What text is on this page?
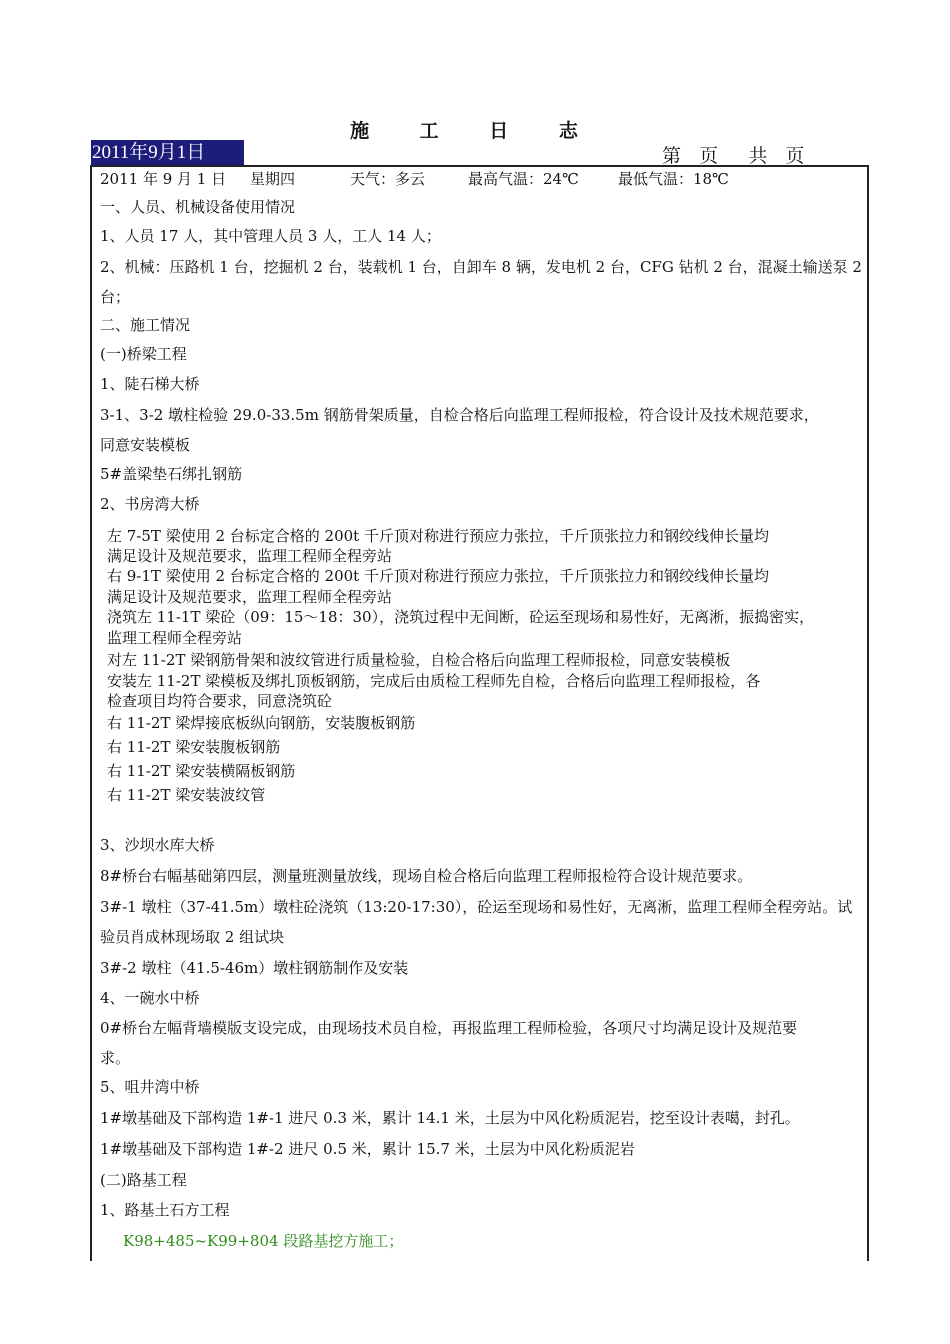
施 工 日 志
2011年9月1日	第   页     共   页
2011 年 9 月 1 日 星期四	天气：多云	最高气温：24℃	最低气温：18℃
一、人员、机械设备使用情况
1、人员 17 人，其中管理人员 3 人，工人 14 人；
2、机械：压路机 1 台，挖掘机 2 台，装载机 1 台，自卸车 8 辆，发电机 2 台，CFG 钻机 2 台，混凝土输送泵 2
台；
二、施工情况
(一)桥梁工程
1、陡石梯大桥
3-1、3-2 墩柱检验 29.0-33.5m 钢筋骨架质量，自检合格后向监理工程师报检，符合设计及技术规范要求，
同意安装模板
5#盖梁垫石绑扎钢筋
2、书房湾大桥
左 7-5T 梁使用 2 台标定合格的 200t 千斤顶对称进行预应力张拉，千斤顶张拉力和钢绞线伸长量均
满足设计及规范要求，监理工程师全程旁站
右 9-1T 梁使用 2 台标定合格的 200t 千斤顶对称进行预应力张拉，千斤顶张拉力和钢绞线伸长量均
满足设计及规范要求，监理工程师全程旁站
浇筑左 11-1T 梁砼（09：15～18：30），浇筑过程中无间断，砼运至现场和易性好，无离淅，振捣密实，
监理工程师全程旁站
对左 11-2T 梁钢筋骨架和波纹管进行质量检验，自检合格后向监理工程师报检，同意安装模板
安装左 11-2T 梁模板及绑扎顶板钢筋，完成后由质检工程师先自检，合格后向监理工程师报检，各
检查项目均符合要求，同意浇筑砼
右 11-2T 梁焊接底板纵向钢筋，安装腹板钢筋
右 11-2T 梁安装腹板钢筋
右 11-2T 梁安装横隔板钢筋
右 11-2T 梁安装波纹管
3、沙坝水库大桥
8#桥台右幅基础第四层，测量班测量放线，现场自检合格后向监理工程师报检符合设计规范要求。
3#-1 墩柱（37-41.5m）墩柱砼浇筑（13:20-17:30），砼运至现场和易性好，无离淅，监理工程师全程旁站。试
验员肖成林现场取 2 组试块
3#-2 墩柱（41.5-46m）墩柱钢筋制作及安装
4、一碗水中桥
0#桥台左幅背墙模版支设完成，由现场技术员自检，再报监理工程师检验，各项尺寸均满足设计及规范要
求。
5、咀井湾中桥
1#墩基础及下部构造 1#-1 进尺 0.3 米，累计 14.1 米，土层为中风化粉质泥岩，挖至设计表噶，封孔。
1#墩基础及下部构造 1#-2 进尺 0.5 米，累计 15.7 米，土层为中风化粉质泥岩
(二)路基工程
1、路基土石方工程
K98+485~K99+804 段路基挖方施工；
